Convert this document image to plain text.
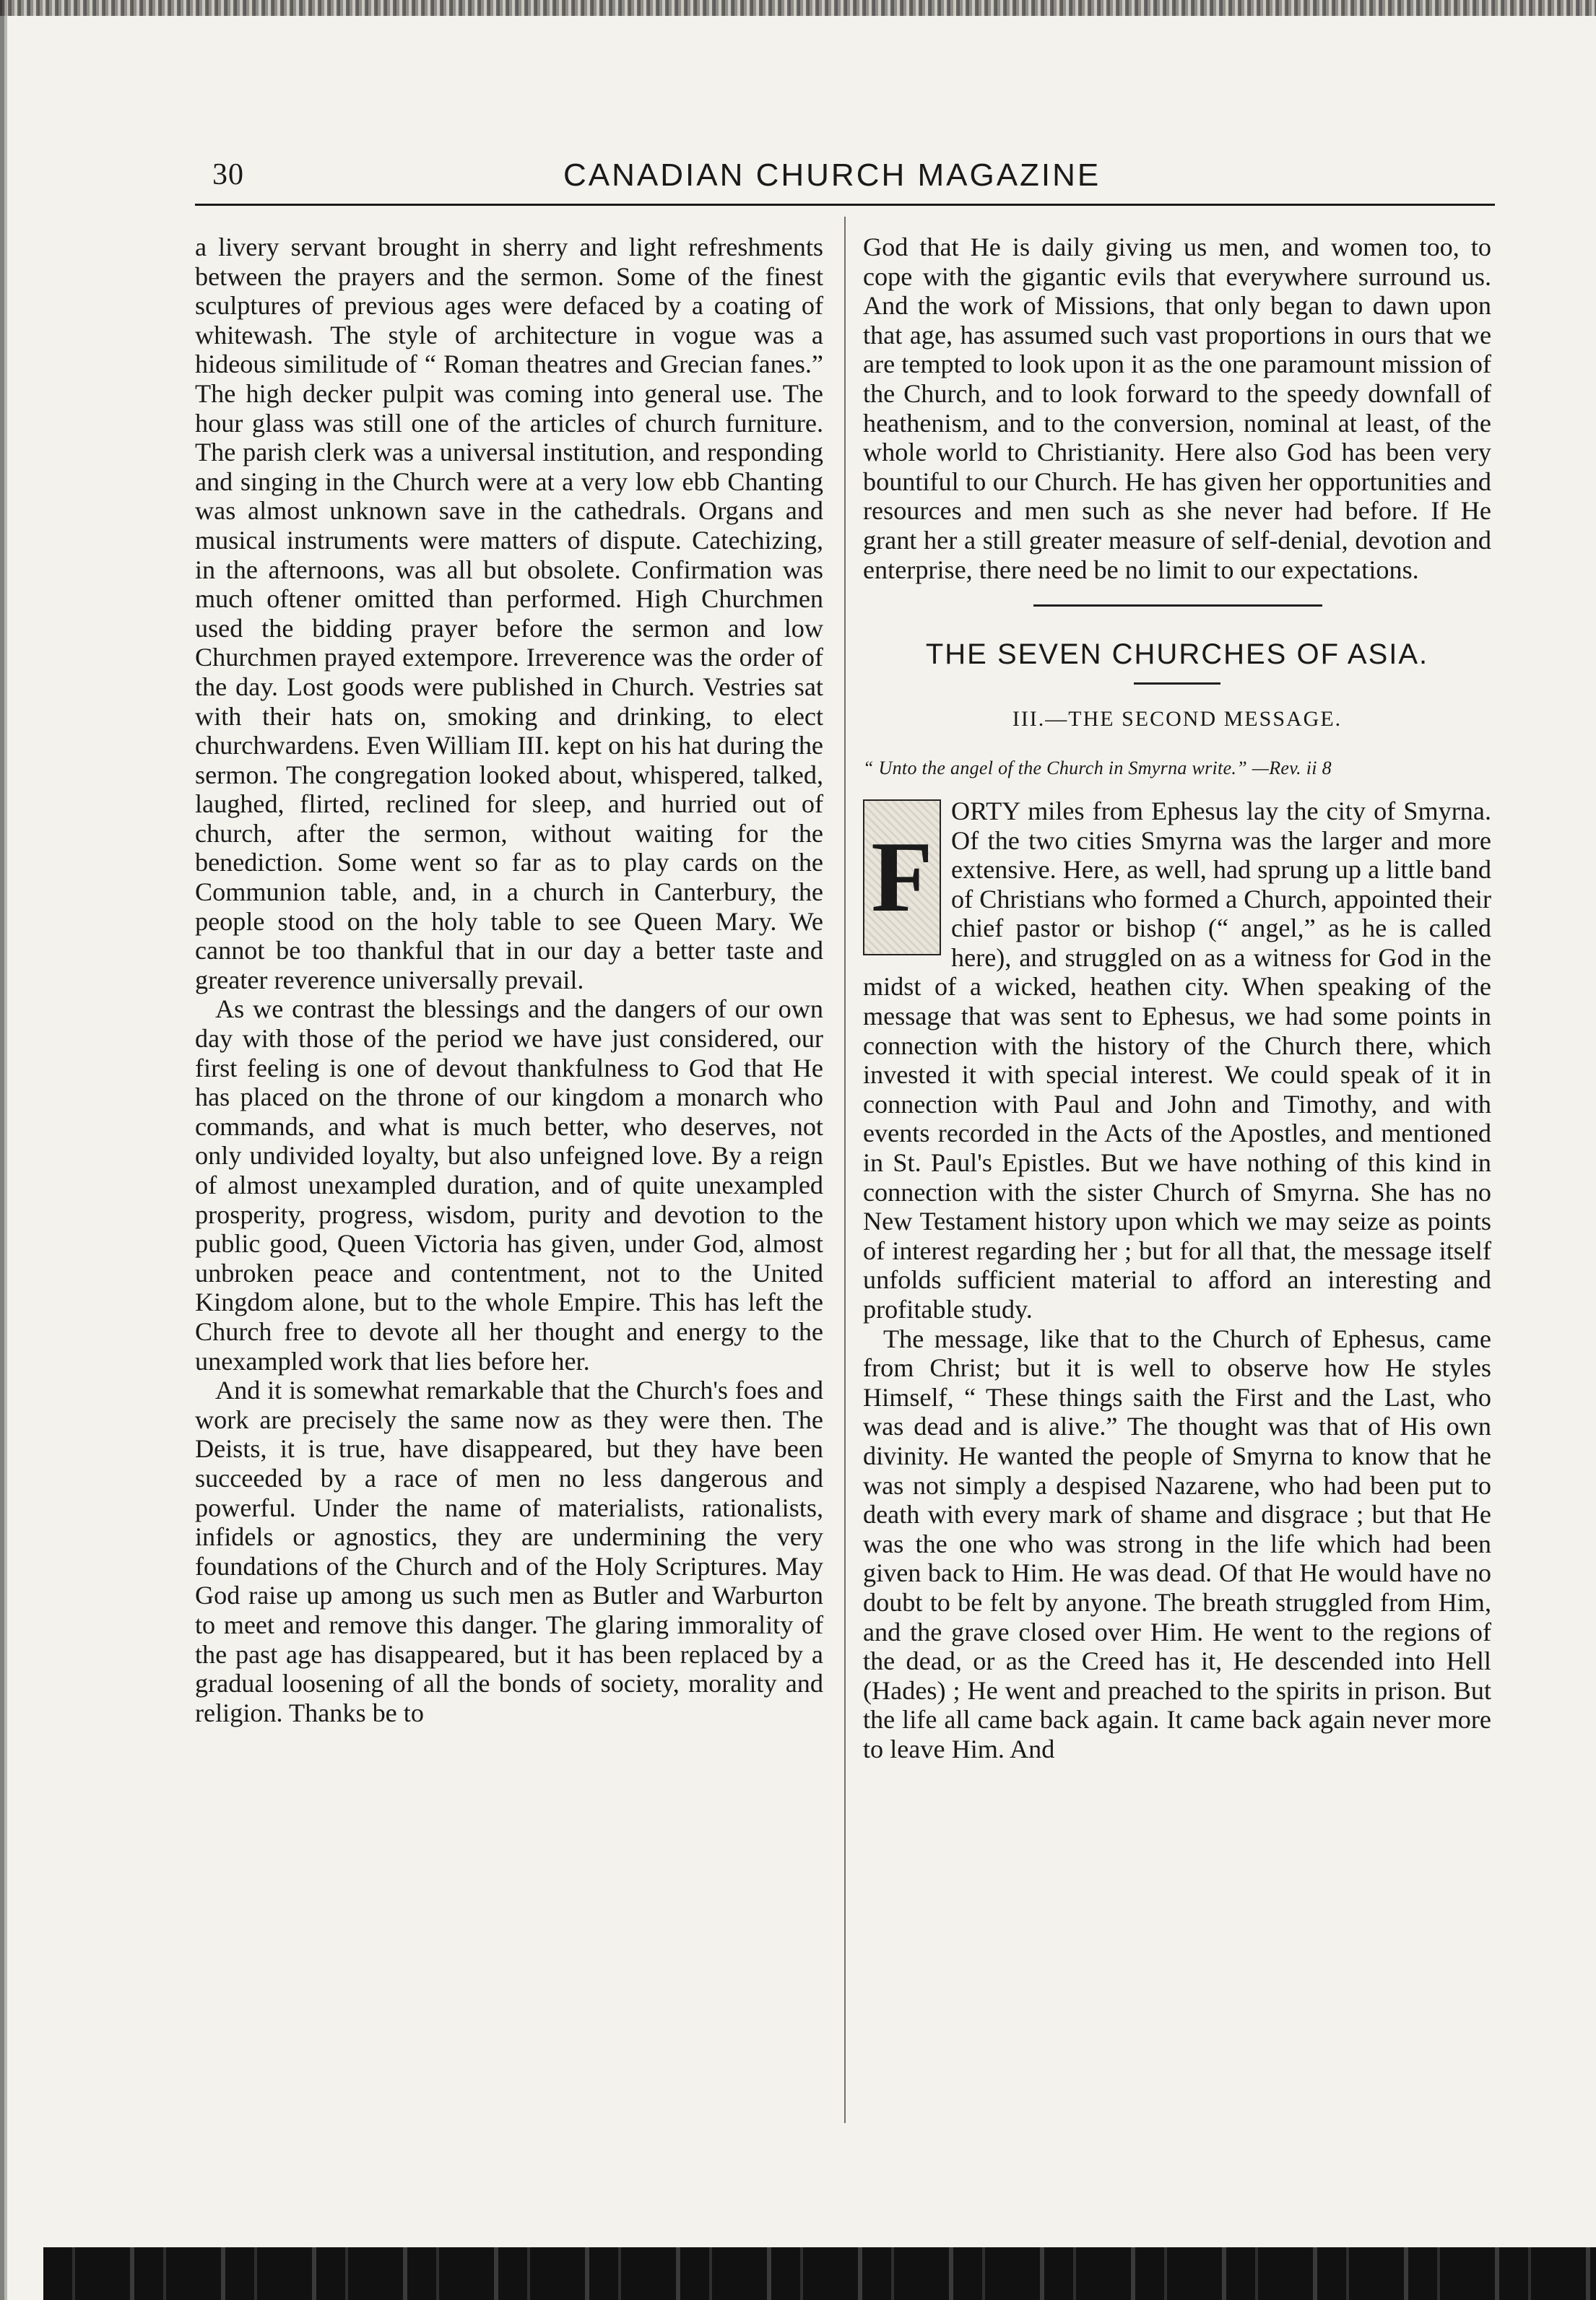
30	CANADIAN CHURCH MAGAZINE

a livery servant brought in sherry and light refreshments between the prayers and the sermon. Some of the finest sculptures of previous ages were defaced by a coating of whitewash. The style of architecture in vogue was a hideous similitude of “ Roman theatres and Grecian fanes.” The high decker pulpit was coming into general use. The hour glass was still one of the articles of church furniture. The parish clerk was a universal institution, and responding and singing in the Church were at a very low ebb Chanting was almost unknown save in the cathedrals. Organs and musical instruments were matters of dispute. Catechizing, in the afternoons, was all but obsolete. Confirmation was much oftener omitted than performed. High Churchmen used the bidding prayer before the sermon and low Churchmen prayed extempore. Irreverence was the order of the day. Lost goods were published in Church. Vestries sat with their hats on, smoking and drinking, to elect churchwardens. Even William III. kept on his hat during the sermon. The congregation looked about, whispered, talked, laughed, flirted, reclined for sleep, and hurried out of church, after the sermon, without waiting for the benediction. Some went so far as to play cards on the Communion table, and, in a church in Canterbury, the people stood on the holy table to see Queen Mary. We cannot be too thankful that in our day a better taste and greater reverence universally prevail.

As we contrast the blessings and the dangers of our own day with those of the period we have just considered, our first feeling is one of devout thankfulness to God that He has placed on the throne of our kingdom a monarch who commands, and what is much better, who deserves, not only undivided loyalty, but also unfeigned love. By a reign of almost unexampled duration, and of quite unexampled prosperity, progress, wisdom, purity and devotion to the public good, Queen Victoria has given, under God, almost unbroken peace and contentment, not to the United Kingdom alone, but to the whole Empire. This has left the Church free to devote all her thought and energy to the unexampled work that lies before her.

And it is somewhat remarkable that the Church's foes and work are precisely the same now as they were then. The Deists, it is true, have disappeared, but they have been succeeded by a race of men no less dangerous and powerful. Under the name of materialists, rationalists, infidels or agnostics, they are undermining the very foundations of the Church and of the Holy Scriptures. May God raise up among us such men as Butler and Warburton to meet and remove this danger. The glaring immorality of the past age has disappeared, but it has been replaced by a gradual loosening of all the bonds of society, morality and religion. Thanks be to

God that He is daily giving us men, and women too, to cope with the gigantic evils that everywhere surround us. And the work of Missions, that only began to dawn upon that age, has assumed such vast proportions in ours that we are tempted to look upon it as the one paramount mission of the Church, and to look forward to the speedy downfall of heathenism, and to the conversion, nominal at least, of the whole world to Christianity. Here also God has been very bountiful to our Church. He has given her opportunities and resources and men such as she never had before. If He grant her a still greater measure of self-denial, devotion and enterprise, there need be no limit to our expectations.

THE SEVEN CHURCHES OF ASIA.
III.—THE SECOND MESSAGE.
“ Unto the angel of the Church in Smyrna write.” —Rev. ii 8
F

ORTY miles from Ephesus lay the city of Smyrna. Of the two cities Smyrna was the larger and more extensive. Here, as well, had sprung up a little band of Christians who formed a Church, appointed their chief pastor or bishop (“ angel,” as he is called here), and struggled on as a witness for God in the midst of a wicked, heathen city. When speaking of the message that was sent to Ephesus, we had some points in connection with the history of the Church there, which invested it with special interest. We could speak of it in connection with Paul and John and Timothy, and with events recorded in the Acts of the Apostles, and mentioned in St. Paul's Epistles. But we have nothing of this kind in connection with the sister Church of Smyrna. She has no New Testament history upon which we may seize as points of interest regarding her ; but for all that, the message itself unfolds sufficient material to afford an interesting and profitable study.

The message, like that to the Church of Ephesus, came from Christ; but it is well to observe how He styles Himself, “ These things saith the First and the Last, who was dead and is alive.” The thought was that of His own divinity. He wanted the people of Smyrna to know that he was not simply a despised Nazarene, who had been put to death with every mark of shame and disgrace ; but that He was the one who was strong in the life which had been given back to Him. He was dead. Of that He would have no doubt to be felt by anyone. The breath struggled from Him, and the grave closed over Him. He went to the regions of the dead, or as the Creed has it, He descended into Hell (Hades) ; He went and preached to the spirits in prison. But the life all came back again. It came back again never more to leave Him. And
